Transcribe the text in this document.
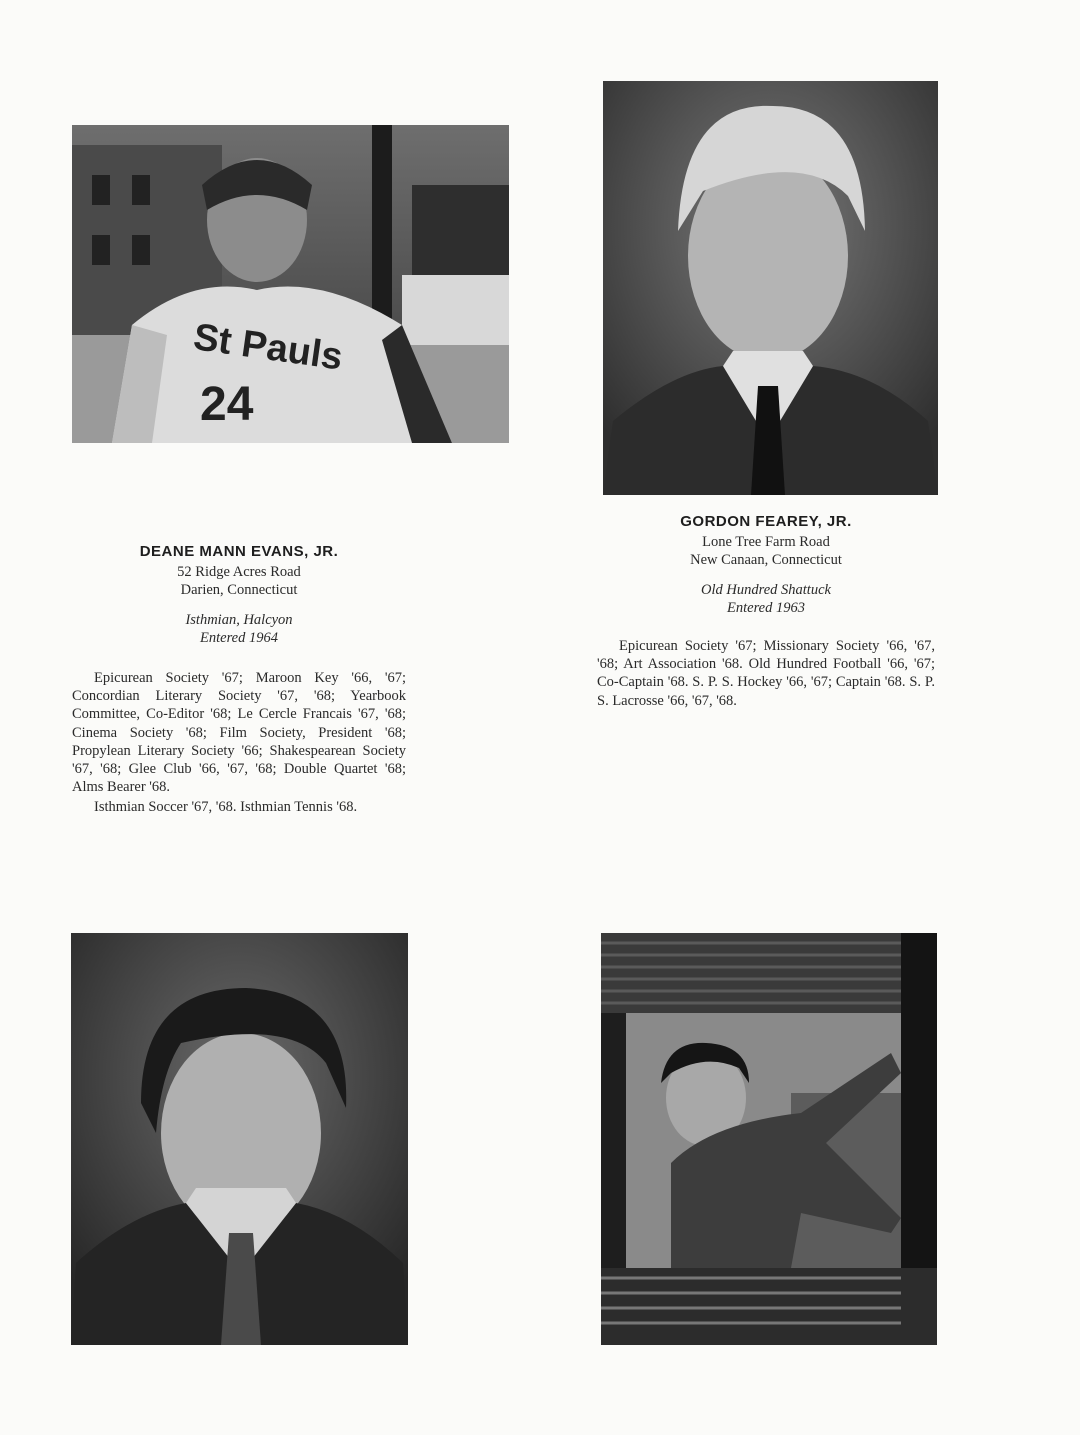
St Pauls
24
DEANE MANN EVANS, JR.
52 Ridge Acres Road
Darien, Connecticut
Isthmian, Halcyon
Entered 1964

Epicurean Society '67; Maroon Key '66, '67; Concordian Literary Society '67, '68; Yearbook Committee, Co-Editor '68; Le Cercle Francais '67, '68; Cinema Society '68; Film Society, President '68; Propylean Literary Society '66; Shakespearean Society '67, '68; Glee Club '66, '67, '68; Double Quartet '68; Alms Bearer '68.

Isthmian Soccer '67, '68. Isthmian Tennis '68.

GORDON FEAREY, JR.
Lone Tree Farm Road
New Canaan, Connecticut
Old Hundred Shattuck
Entered 1963

Epicurean Society '67; Missionary Society '66, '67, '68; Art Association '68. Old Hundred Football '66, '67; Co-Captain '68. S. P. S. Hockey '66, '67; Captain '68. S. P. S. Lacrosse '66, '67, '68.
